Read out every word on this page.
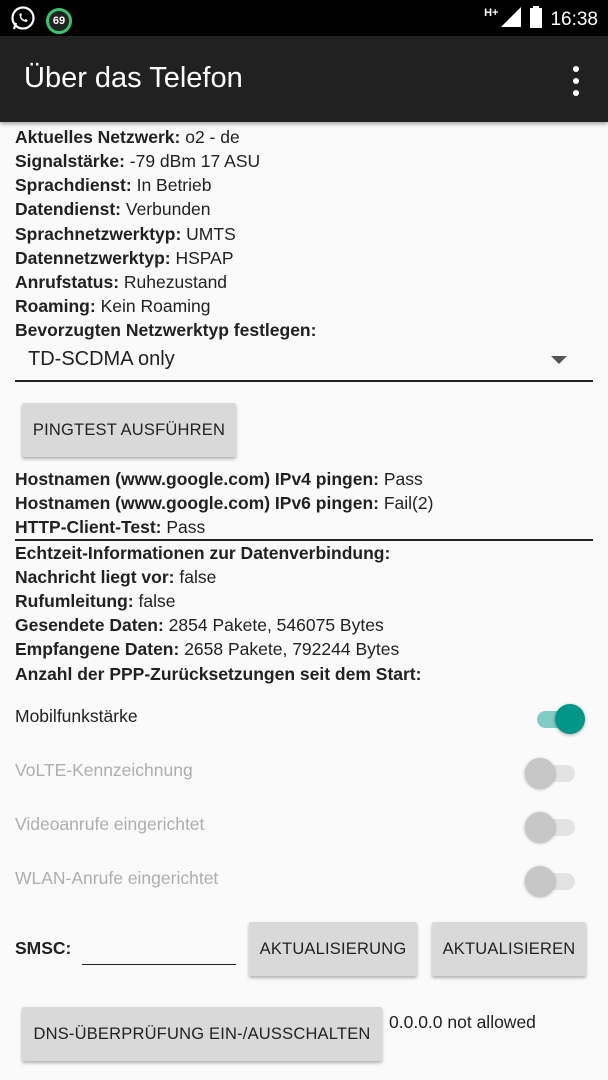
69
H+	16:38
Über das Telefon
TD-SCDMA only
PINGTEST AUSFÜHREN
Mobilfunkstärke
VoLTE-Kennzeichnung
Videoanrufe eingerichtet
WLAN-Anrufe eingerichtet
SMSC:	AKTUALISIERUNG	AKTUALISIEREN
DNS-ÜBERPRÜFUNG EIN-/AUSSCHALTEN
0.0.0.0 not allowed
Aktuelles Netzwerk: o2 - de
Signalstärke: -79 dBm 17 ASU
Sprachdienst: In Betrieb
Datendienst: Verbunden
Sprachnetzwerktyp: UMTS
Datennetzwerktyp: HSPAP
Anrufstatus: Ruhezustand
Roaming: Kein Roaming
Bevorzugten Netzwerktyp festlegen:
Hostnamen (www.google.com) IPv4 pingen: Pass
Hostnamen (www.google.com) IPv6 pingen: Fail(2)
HTTP-Client-Test: Pass
Echtzeit-Informationen zur Datenverbindung:
Nachricht liegt vor: false
Rufumleitung: false
Gesendete Daten: 2854 Pakete, 546075 Bytes
Empfangene Daten: 2658 Pakete, 792244 Bytes
Anzahl der PPP-Zurücksetzungen seit dem Start:
